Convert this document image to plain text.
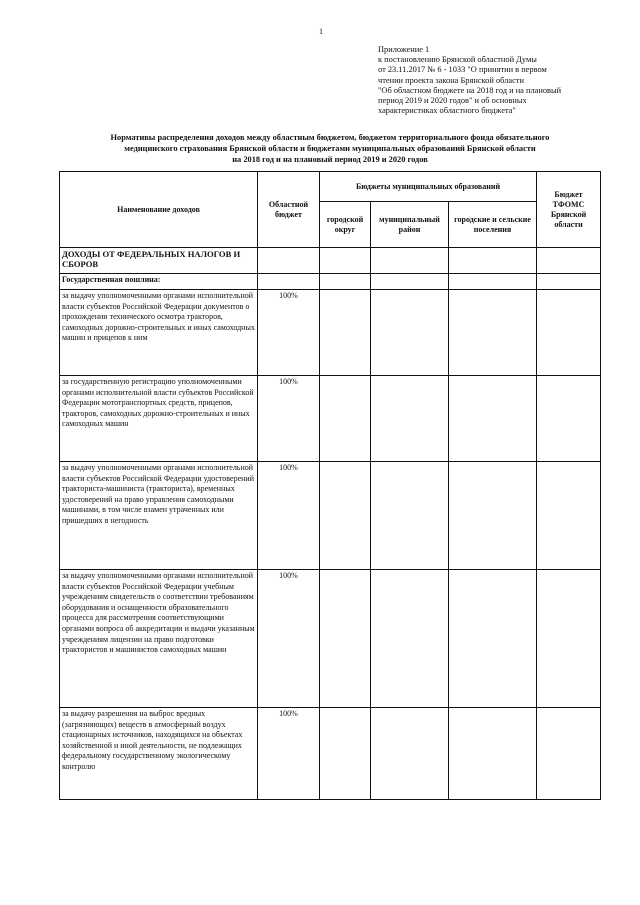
1
Приложение 1
к постановлению Брянской областной Думы
от 23.11.2017 № 6 - 1033 "О принятии в первом
чтении проекта закона Брянской области
"Об областном бюджете на 2018 год и на плановый
период 2019 и 2020 годов" и об основных
характеристиках областного бюджета"
Нормативы распределения доходов между областным бюджетом, бюджетом территориального фонда обязательного
медицинского страхования Брянской области и бюджетами муниципальных образований Брянской области
на 2018 год и на плановый период 2019 и 2020 годов
Наименование доходов	Областной бюджет	Бюджеты муниципальных образований			Бюджет ТФОМС Брянской области
		городской округ	муниципальный район	городские и сельские поселения	
ДОХОДЫ ОТ ФЕДЕРАЛЬНЫХ НАЛОГОВ И СБОРОВ					
Государственная пошлина:					
за выдачу уполномоченными органами исполнительной власти субъектов Российской Федерации документов о прохождении технического осмотра тракторов, самоходных дорожно-строительных и иных самоходных машин и прицепов к ним	100%				
за государственную регистрацию уполномоченными органами исполнительной власти субъектов Российской Федерации мототранспортных средств, прицепов, тракторов, самоходных дорожно-строительных и иных самоходных машин	100%				
за выдачу уполномоченными органами исполнительной власти субъектов Российской Федерации удостоверений тракториста-машиниста (тракториста), временных удостоверений на право управления самоходными машинами, в том числе взамен утраченных или пришедших в негодность	100%				
за выдачу уполномоченными органами исполнительной власти субъектов Российской Федерации учебным учреждениям свидетельств о соответствии требованиям оборудования и оснащенности образовательного процесса для рассмотрения соответствующими органами вопроса об аккредитации и выдачи указанным учреждениям лицензии на право подготовки трактористов и машинистов самоходных машин	100%				
за выдачу разрешения на выброс вредных (загрязняющих) веществ в атмосферный воздух стационарных источников, находящихся на объектах хозяйственной и иной деятельности, не подлежащих федеральному государственному экологическому контролю	100%				
